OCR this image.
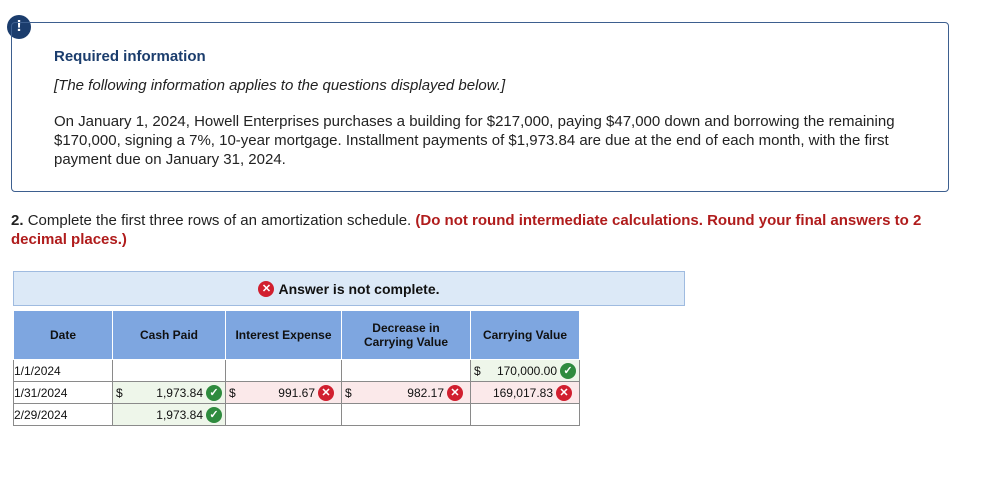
!
Required information
[The following information applies to the questions displayed below.]
On January 1, 2024, Howell Enterprises purchases a building for $217,000, paying $47,000 down and borrowing the remaining $170,000, signing a 7%, 10-year mortgage. Installment payments of $1,973.84 are due at the end of each month, with the first payment due on January 31, 2024.
2. Complete the first three rows of an amortization schedule. (Do not round intermediate calculations. Round your final answers to 2 decimal places.)
✕ Answer is not complete.
Date	Cash Paid	Interest Expense	Decrease in Carrying Value	Carrying Value
1/1/2024				$ 170,000.00 ✓

1/31/2024	$ 1,973.84 ✓	$ 991.67 ✕	$ 982.17 ✕	169,017.83 ✕

2/29/2024	1,973.84 ✓			
